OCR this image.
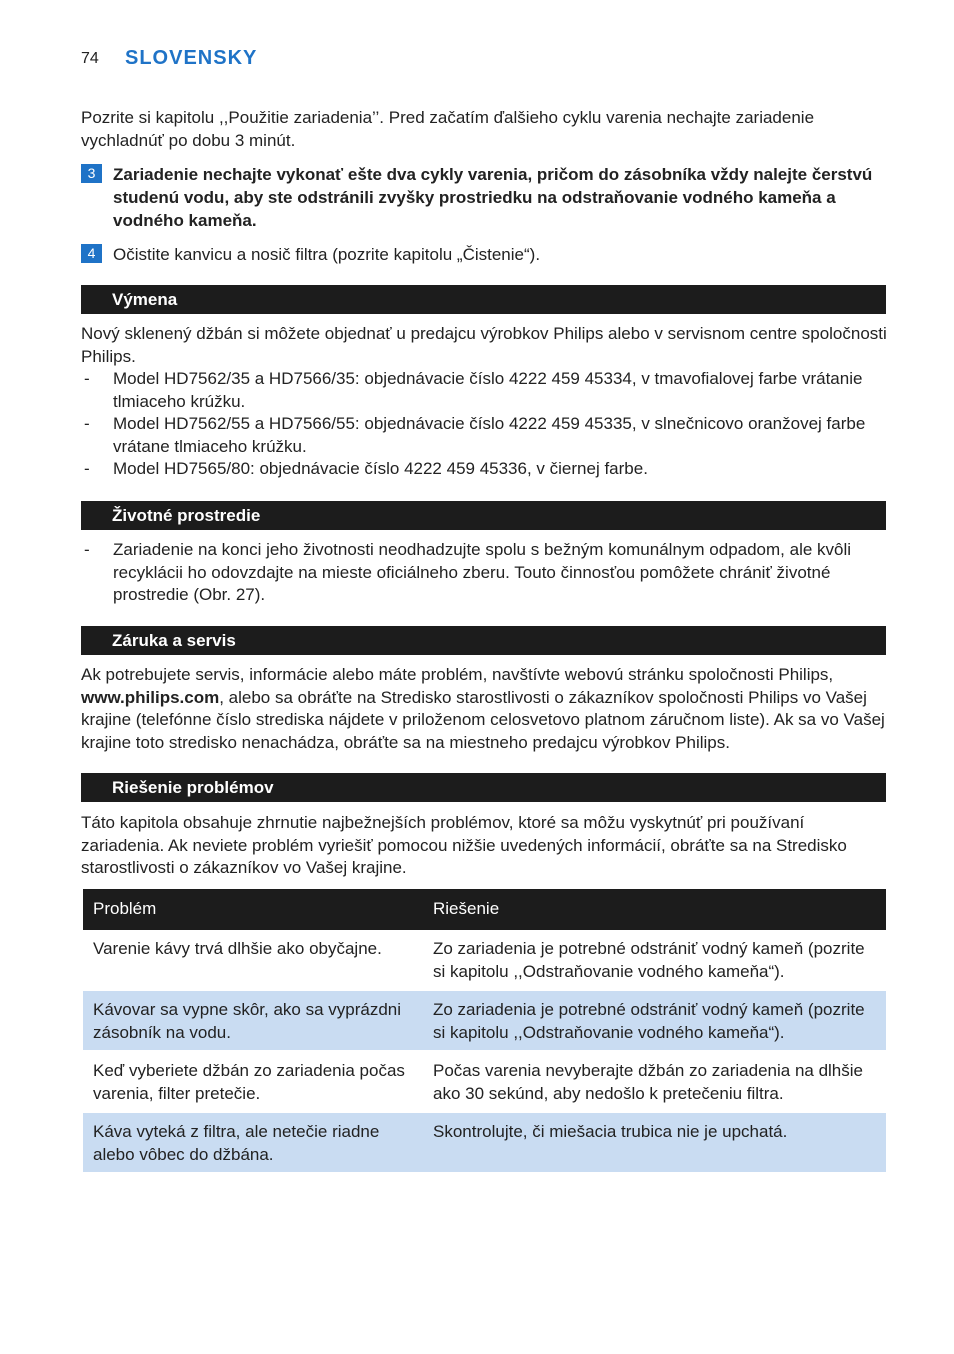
74 SLOVENSKY
Pozrite si kapitolu ,,Použitie zariadenia’’. Pred začatím ďalšieho cyklu varenia nechajte zariadenie vychladnúť po dobu 3 minút.
3	Zariadenie nechajte vykonať ešte dva cykly varenia, pričom do zásobníka vždy nalejte čerstvú studenú vodu, aby ste odstránili zvyšky prostriedku na odstraňovanie vodného kameňa a vodného kameňa.
4	Očistite kanvicu a nosič filtra (pozrite kapitolu „Čistenie“).
Výmena
Nový sklenený džbán si môžete objednať u predajcu výrobkov Philips alebo v servisnom centre spoločnosti Philips.
- Model HD7562/35 a HD7566/35: objednávacie číslo 4222 459 45334, v tmavofialovej farbe vrátanie tlmiaceho krúžku.
- Model HD7562/55 a HD7566/55: objednávacie číslo 4222 459 45335, v slnečnicovo oranžovej farbe vrátane tlmiaceho krúžku.
- Model HD7565/80: objednávacie číslo 4222 459 45336, v čiernej farbe.
Životné prostredie
- Zariadenie na konci jeho životnosti neodhadzujte spolu s bežným komunálnym odpadom, ale kvôli recyklácii ho odovzdajte na mieste oficiálneho zberu. Touto činnosťou pomôžete chrániť životné prostredie (Obr. 27).
Záruka a servis
Ak potrebujete servis, informácie alebo máte problém, navštívte webovú stránku spoločnosti Philips, www.philips.com, alebo sa obráťte na Stredisko starostlivosti o zákazníkov spoločnosti Philips vo Vašej krajine (telefónne číslo strediska nájdete v priloženom celosvetovo platnom záručnom liste). Ak sa vo Vašej krajine toto stredisko nenachádza, obráťte sa na miestneho predajcu výrobkov Philips.
Riešenie problémov
Táto kapitola obsahuje zhrnutie najbežnejších problémov, ktoré sa môžu vyskytnúť pri používaní zariadenia. Ak neviete problém vyriešiť pomocou nižšie uvedených informácií, obráťte sa na Stredisko starostlivosti o zákazníkov vo Vašej krajine.
Problém	Riešenie
Varenie kávy trvá dlhšie ako obyčajne.	Zo zariadenia je potrebné odstrániť vodný kameň (pozrite si kapitolu ,,Odstraňovanie vodného kameňa“).
Kávovar sa vypne skôr, ako sa vyprázdni zásobník na vodu.	Zo zariadenia je potrebné odstrániť vodný kameň (pozrite si kapitolu ,,Odstraňovanie vodného kameňa“).
Keď vyberiete džbán zo zariadenia počas varenia, filter pretečie.	Počas varenia nevyberajte džbán zo zariadenia na dlhšie ako 30 sekúnd, aby nedošlo k pretečeniu filtra.
Káva vyteká z filtra, ale netečie riadne alebo vôbec do džbána.	Skontrolujte, či miešacia trubica nie je upchatá.
